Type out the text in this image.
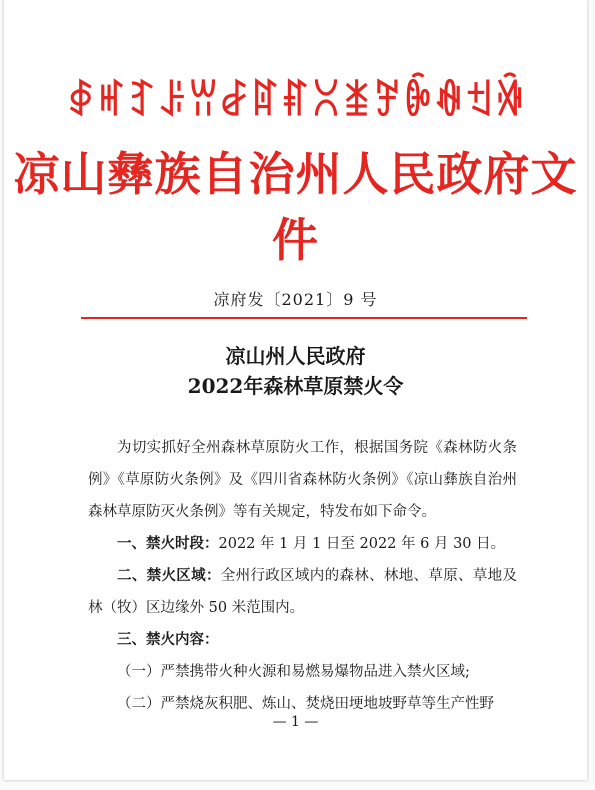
ꇉ ꎭ ꆈ ꌠ ꀕ ꆀ ꍏ ꐥ ꇤ ꁧ ꎇ ꐉ ꊿ ꉬ ꋅ
凉山彝族自治州人民政府文件
凉府发〔2021〕9 号
凉山州人民政府
2022年森林草原禁火令

为切实抓好全州森林草原防火工作，根据国务院《森林防火条例》《草原防火条例》及《四川省森林防火条例》《凉山彝族自治州森林草原防灭火条例》等有关规定，特发布如下命令。

一、禁火时段：2022 年 1 月 1 日至 2022 年 6 月 30 日。

二、禁火区域：全州行政区域内的森林、林地、草原、草地及林（牧）区边缘外 50 米范围内。

三、禁火内容：

（一）严禁携带火种火源和易燃易爆物品进入禁火区域;

（二）严禁烧灰积肥、炼山、焚烧田埂地坡野草等生产性野

— 1 —
